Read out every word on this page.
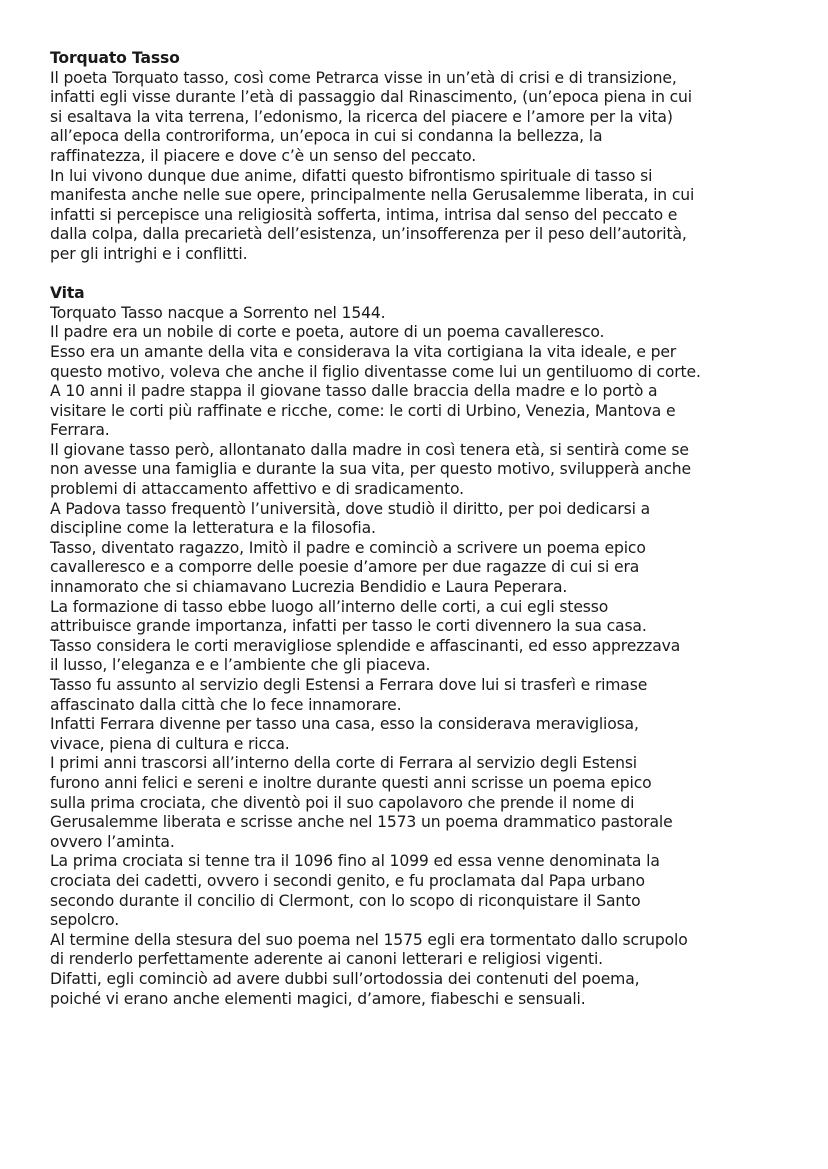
Torquato Tasso
Il poeta Torquato tasso, così come Petrarca visse in un’età di crisi e di transizione,
infatti egli visse durante l’età di passaggio dal Rinascimento, (un’epoca piena in cui
si esaltava la vita terrena, l’edonismo, la ricerca del piacere e l’amore per la vita)
all’epoca della controriforma, un’epoca in cui si condanna la bellezza, la
raffinatezza, il piacere e dove c’è un senso del peccato.
In lui vivono dunque due anime, difatti questo bifrontismo spirituale di tasso si
manifesta anche nelle sue opere, principalmente nella Gerusalemme liberata, in cui
infatti si percepisce una religiosità sofferta, intima, intrisa dal senso del peccato e
dalla colpa, dalla precarietà dell’esistenza, un’insofferenza per il peso dell’autorità,
per gli intrighi e i conflitti.
Vita
Torquato Tasso nacque a Sorrento nel 1544.
Il padre era un nobile di corte e poeta, autore di un poema cavalleresco.
Esso era un amante della vita e considerava la vita cortigiana la vita ideale, e per
questo motivo, voleva che anche il figlio diventasse come lui un gentiluomo di corte.
A 10 anni il padre stappa il giovane tasso dalle braccia della madre e lo portò a
visitare le corti più raffinate e ricche, come: le corti di Urbino, Venezia, Mantova e
Ferrara.
Il giovane tasso però, allontanato dalla madre in così tenera età, si sentirà come se
non avesse una famiglia e durante la sua vita, per questo motivo, svilupperà anche
problemi di attaccamento affettivo e di sradicamento.
A Padova tasso frequentò l’università, dove studiò il diritto, per poi dedicarsi a
discipline come la letteratura e la filosofia.
Tasso, diventato ragazzo, Imitò il padre e cominciò a scrivere un poema epico
cavalleresco e a comporre delle poesie d’amore per due ragazze di cui si era
innamorato che si chiamavano Lucrezia Bendidio e Laura Peperara.
La formazione di tasso ebbe luogo all’interno delle corti, a cui egli stesso
attribuisce grande importanza, infatti per tasso le corti divennero la sua casa.
Tasso considera le corti meravigliose splendide e affascinanti, ed esso apprezzava
il lusso, l’eleganza e e l’ambiente che gli piaceva.
Tasso fu assunto al servizio degli Estensi a Ferrara dove lui si trasferì e rimase
affascinato dalla città che lo fece innamorare.
Infatti Ferrara divenne per tasso una casa, esso la considerava meravigliosa,
vivace, piena di cultura e ricca.
I primi anni trascorsi all’interno della corte di Ferrara al servizio degli Estensi
furono anni felici e sereni e inoltre durante questi anni scrisse un poema epico
sulla prima crociata, che diventò poi il suo capolavoro che prende il nome di
Gerusalemme liberata e scrisse anche nel 1573 un poema drammatico pastorale
ovvero l’aminta.
La prima crociata si tenne tra il 1096 fino al 1099 ed essa venne denominata la
crociata dei cadetti, ovvero i secondi genito, e fu proclamata dal Papa urbano
secondo durante il concilio di Clermont, con lo scopo di riconquistare il Santo
sepolcro.
Al termine della stesura del suo poema nel 1575 egli era tormentato dallo scrupolo
di renderlo perfettamente aderente ai canoni letterari e religiosi vigenti.
Difatti, egli cominciò ad avere dubbi sull’ortodossia dei contenuti del poema,
poiché vi erano anche elementi magici, d’amore, fiabeschi e sensuali.
